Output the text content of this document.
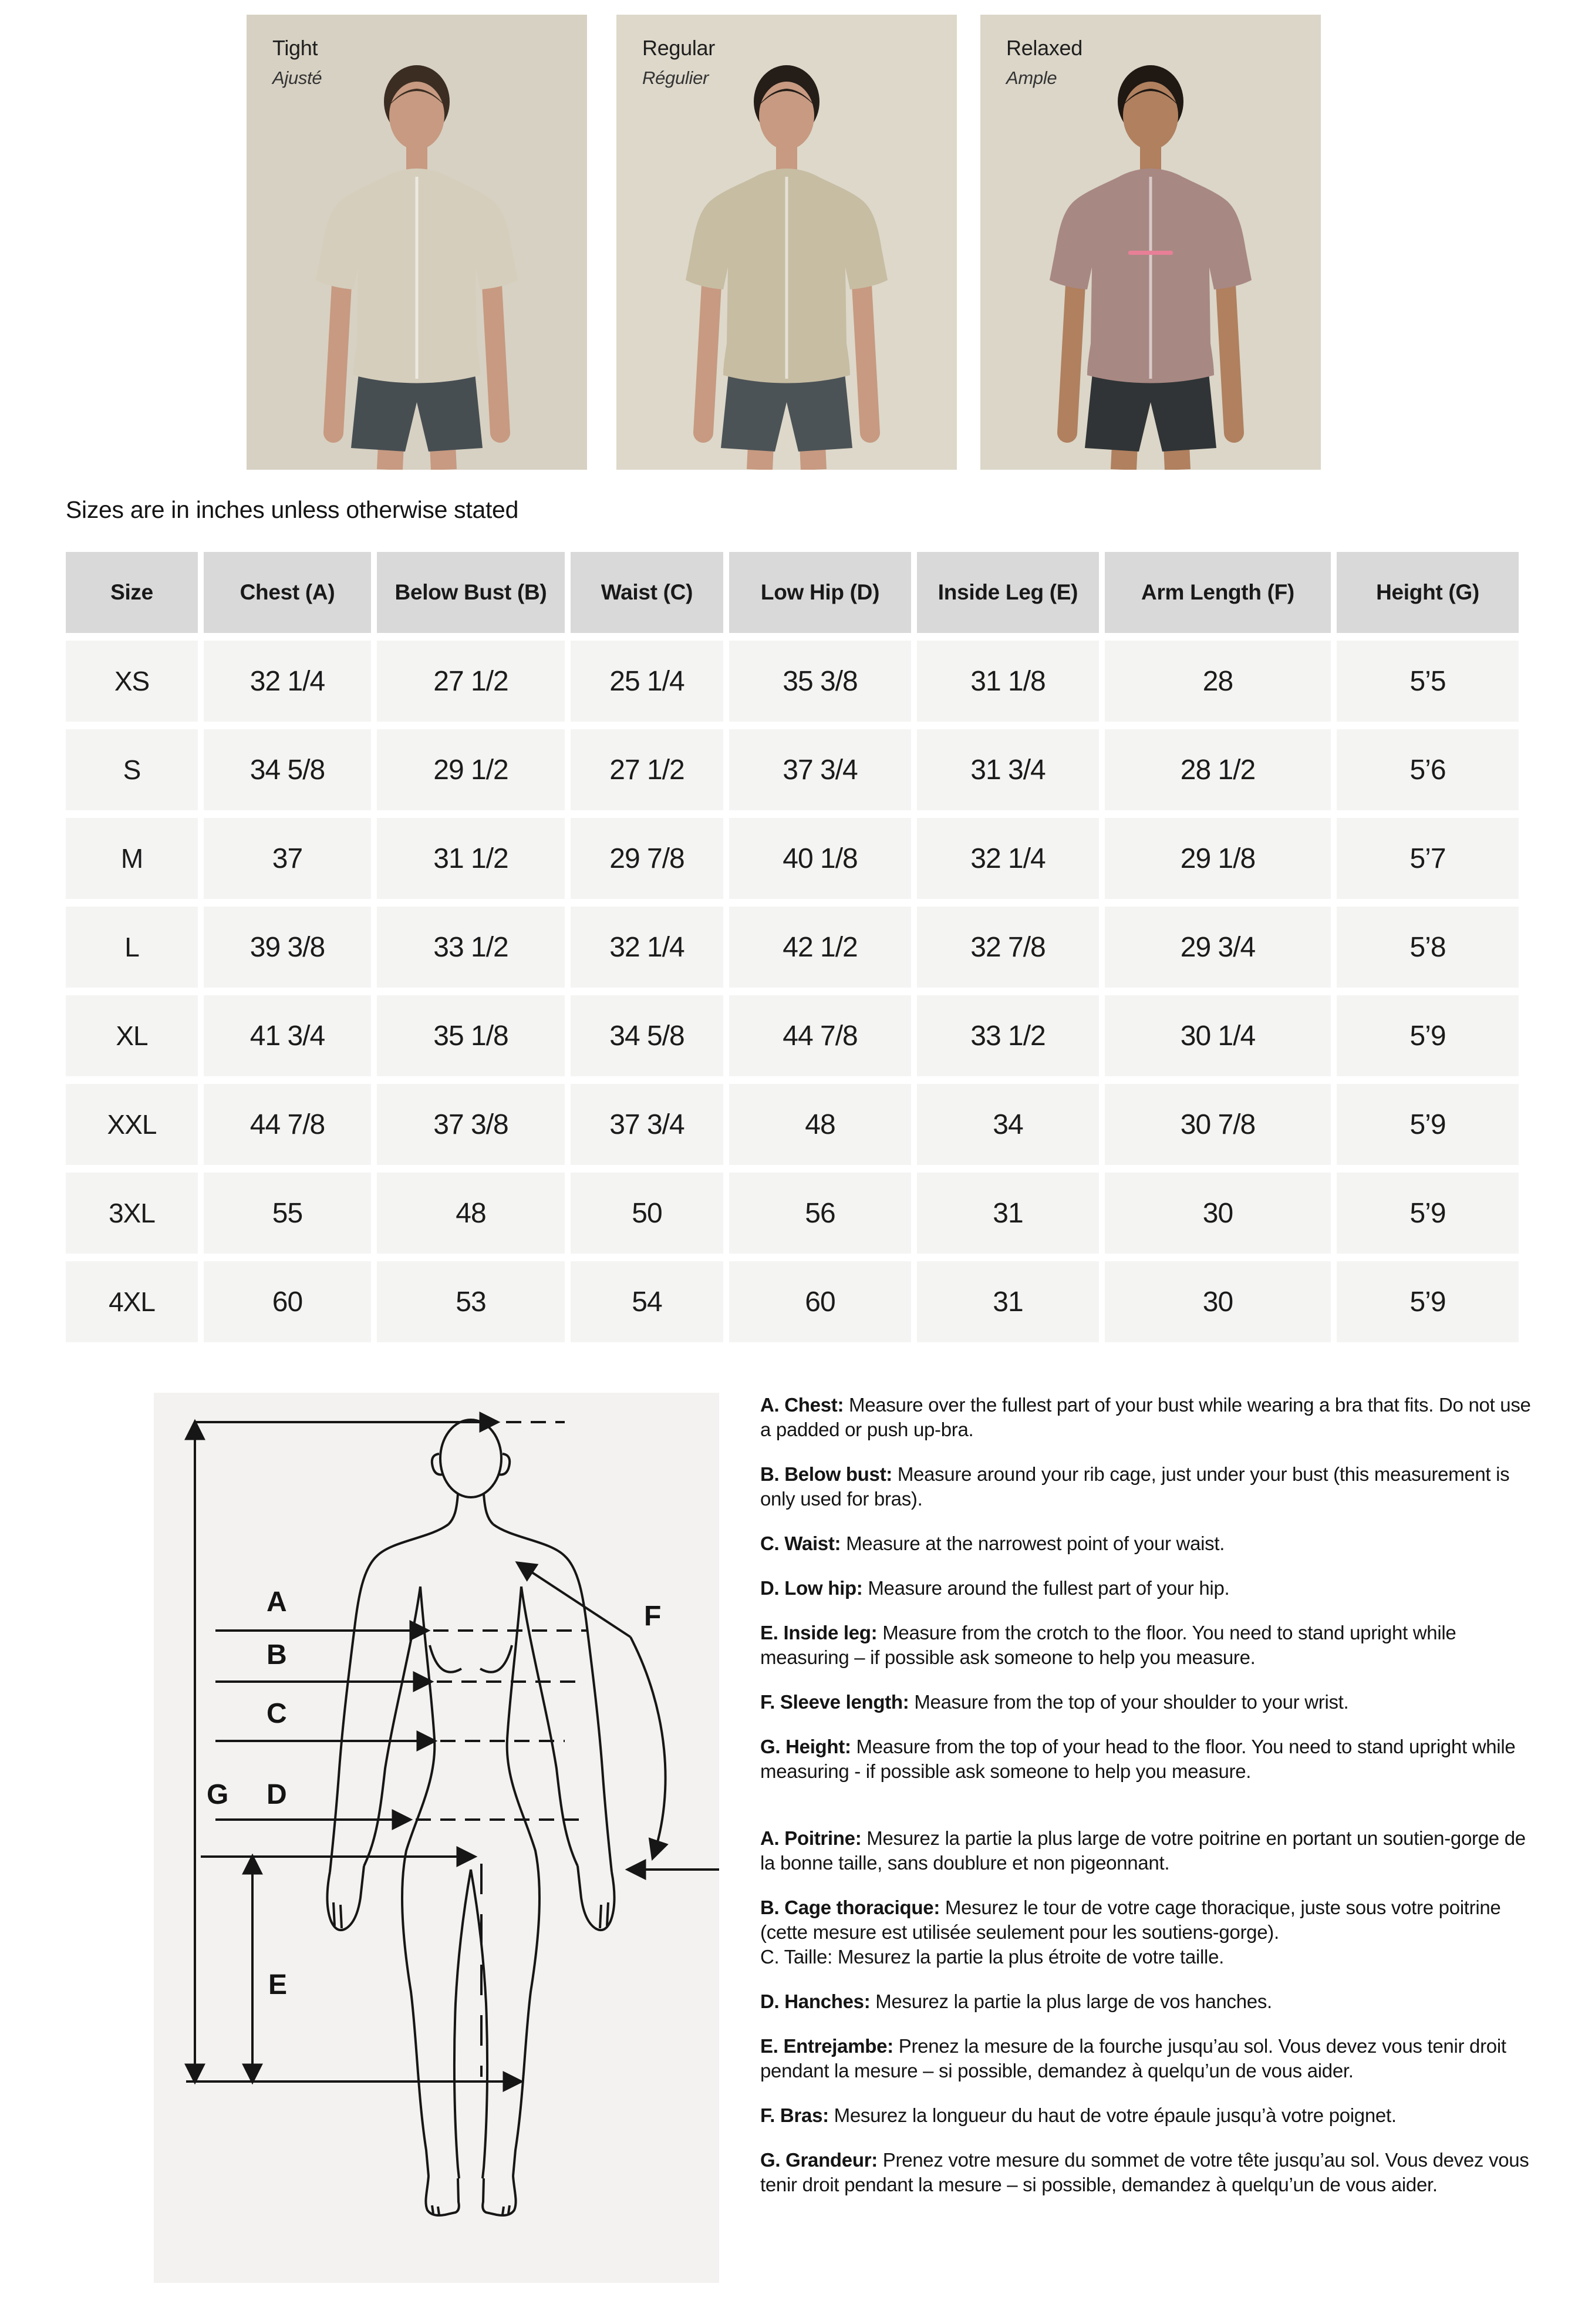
Tight
Ajusté
Regular
Régulier
Relaxed
Ample
Sizes are in inches unless otherwise stated
Size	Chest (A)	Below Bust (B)	Waist (C)	Low Hip (D)	Inside Leg (E)	Arm Length (F)	Height (G)
XS	32 1/4	27 1/2	25 1/4	35 3/8	31 1/8	28	5’5
S	34 5/8	29 1/2	27 1/2	37 3/4	31 3/4	28 1/2	5’6
M	37	31 1/2	29 7/8	40 1/8	32 1/4	29 1/8	5’7
L	39 3/8	33 1/2	32 1/4	42 1/2	32 7/8	29 3/4	5’8
XL	41 3/4	35 1/8	34 5/8	44 7/8	33 1/2	30 1/4	5’9
XXL	44 7/8	37 3/8	37 3/4	48	34	30 7/8	5’9
3XL	55	48	50	56	31	30	5’9
4XL	60	53	54	60	31	30	5’9
A
B
C
D
E
F
G

A. Chest: Measure over the fullest part of your bust while wearing a bra that fits. Do not use a padded or push up-bra.

B. Below bust: Measure around your rib cage, just under your bust (this measurement is only used for bras).

C. Waist: Measure at the narrowest point of your waist.

D. Low hip: Measure around the fullest part of your hip.

E. Inside leg: Measure from the crotch to the floor. You need to stand upright while measuring – if possible ask someone to help you measure.

F. Sleeve length: Measure from the top of your shoulder to your wrist.

G. Height: Measure from the top of your head to the floor. You need to stand upright while measuring - if possible ask someone to help you measure.

A. Poitrine: Mesurez la partie la plus large de votre poitrine en portant un soutien-gorge de la bonne taille, sans doublure et non pigeonnant.

B. Cage thoracique: Mesurez le tour de votre cage thoracique, juste sous votre poitrine (cette mesure est utilisée seulement pour les soutiens-gorge).

C. Taille: Mesurez la partie la plus étroite de votre taille.

D. Hanches: Mesurez la partie la plus large de vos hanches.

E. Entrejambe: Prenez la mesure de la fourche jusqu’au sol. Vous devez vous tenir droit pendant la mesure – si possible, demandez à quelqu’un de vous aider.

F. Bras: Mesurez la longueur du haut de votre épaule jusqu’à votre poignet.

G. Grandeur: Prenez votre mesure du sommet de votre tête jusqu’au sol. Vous devez vous tenir droit pendant la mesure – si possible, demandez à quelqu’un de vous aider.
